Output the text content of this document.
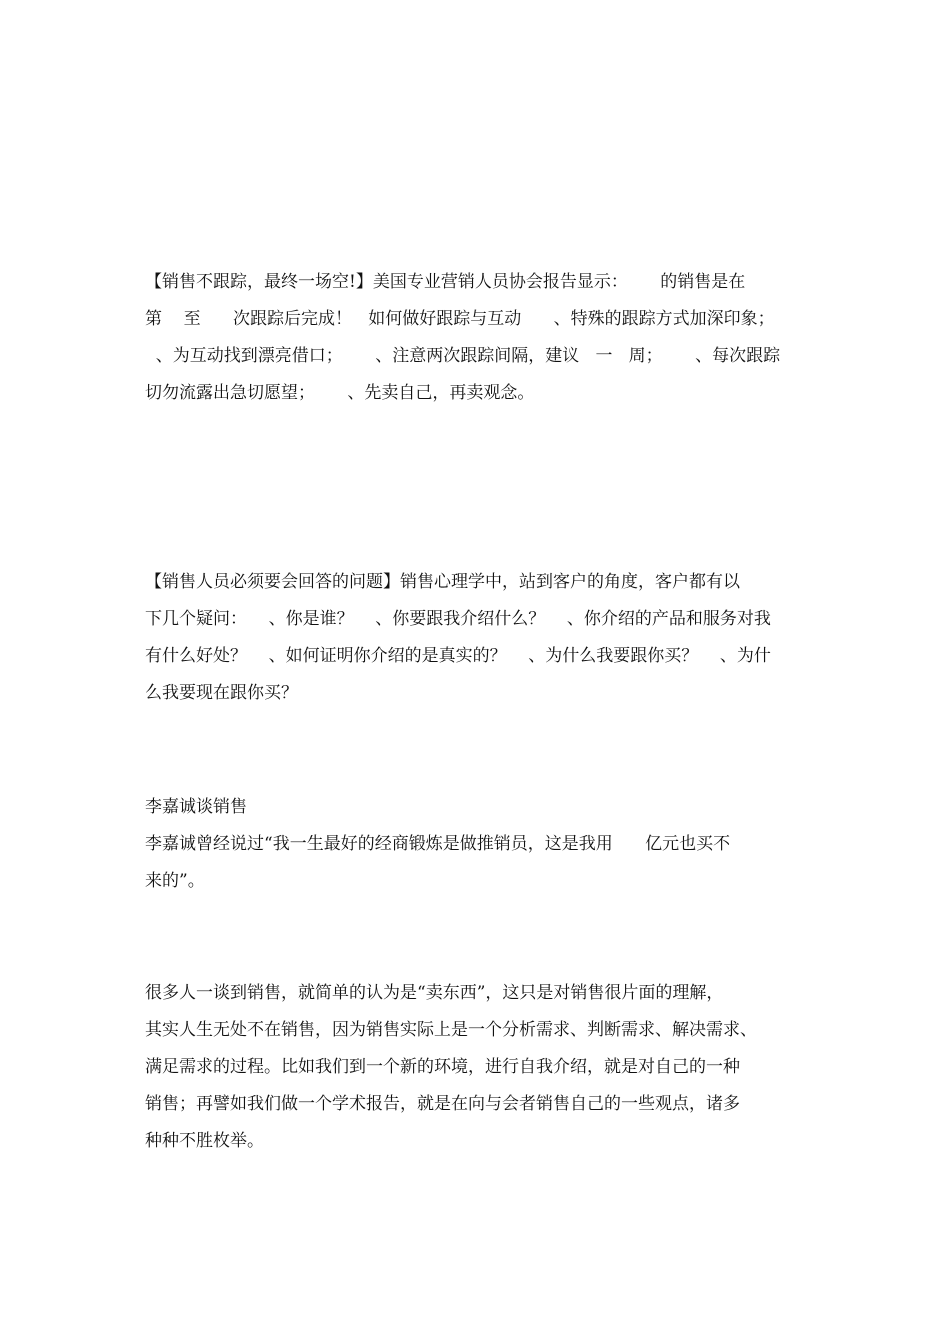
【销售不跟踪，最终一场空!】美国专业营销人员协会报告显示：      的销售是在
第    至      次跟踪后完成！   如何做好跟踪与互动      、特殊的跟踪方式加深印象；
、为互动找到漂亮借口；      、注意两次跟踪间隔，建议   一   周；      、每次跟踪
切勿流露出急切愿望；      、先卖自己，再卖观念。
【销售人员必须要会回答的问题】销售心理学中，站到客户的角度，客户都有以
下几个疑问：    、你是谁？    、你要跟我介绍什么？    、你介绍的产品和服务对我
有什么好处？    、如何证明你介绍的是真实的？    、为什么我要跟你买？    、为什
么我要现在跟你买？
李嘉诚谈销售
李嘉诚曾经说过“我一生最好的经商锻炼是做推销员，这是我用      亿元也买不
来的”。
很多人一谈到销售，就简单的认为是“卖东西”，这只是对销售很片面的理解，
其实人生无处不在销售，因为销售实际上是一个分析需求、判断需求、解决需求、
满足需求的过程。比如我们到一个新的环境，进行自我介绍，就是对自己的一种
销售；再譬如我们做一个学术报告，就是在向与会者销售自己的一些观点，诸多
种种不胜枚举。
